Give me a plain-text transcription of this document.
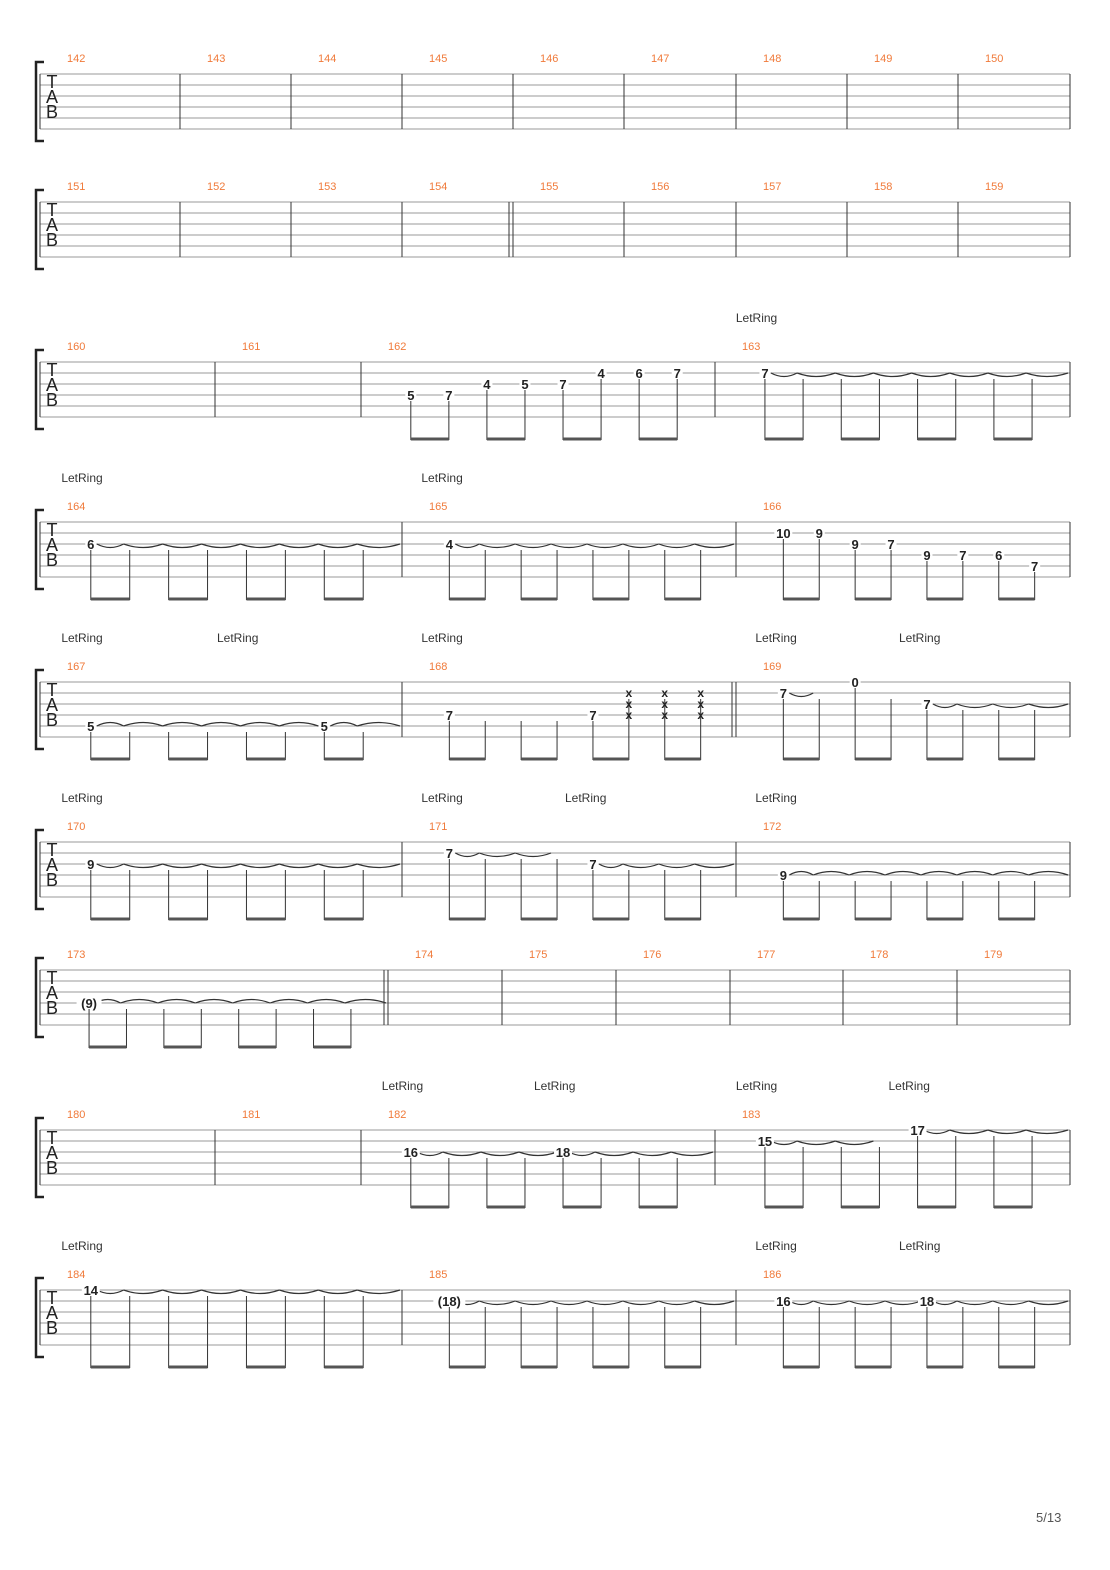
T
A
B
142	143	144	145	146	147	148	149	150
T
A
B
151	152	153	154	155	156	157	158	159
T
A
B
160	161	162
5 7
4 5 7
4 6 7
163
LetRing
7
T
A
B
164
LetRing
6
165
LetRing
4
166
10 9
9 7
9 7 6
7
T
A
B
167
LetRing	LetRing
5	5
168
LetRing
7	7
x
x
x
x
x
x
x
x
x
169
LetRing	LetRing
7
0
7
T
A
B
170
LetRing
9
171
LetRing	LetRing
7
7
172
LetRing
9
T
A
B
173
(9)
174	175	176	177	178	179
T
A
B
180	181	182
LetRing	LetRing
16	18
183
LetRing	LetRing
15
17
T
A
B
184
LetRing
14
185
(18)
186
LetRing	LetRing
16	18
5/13
